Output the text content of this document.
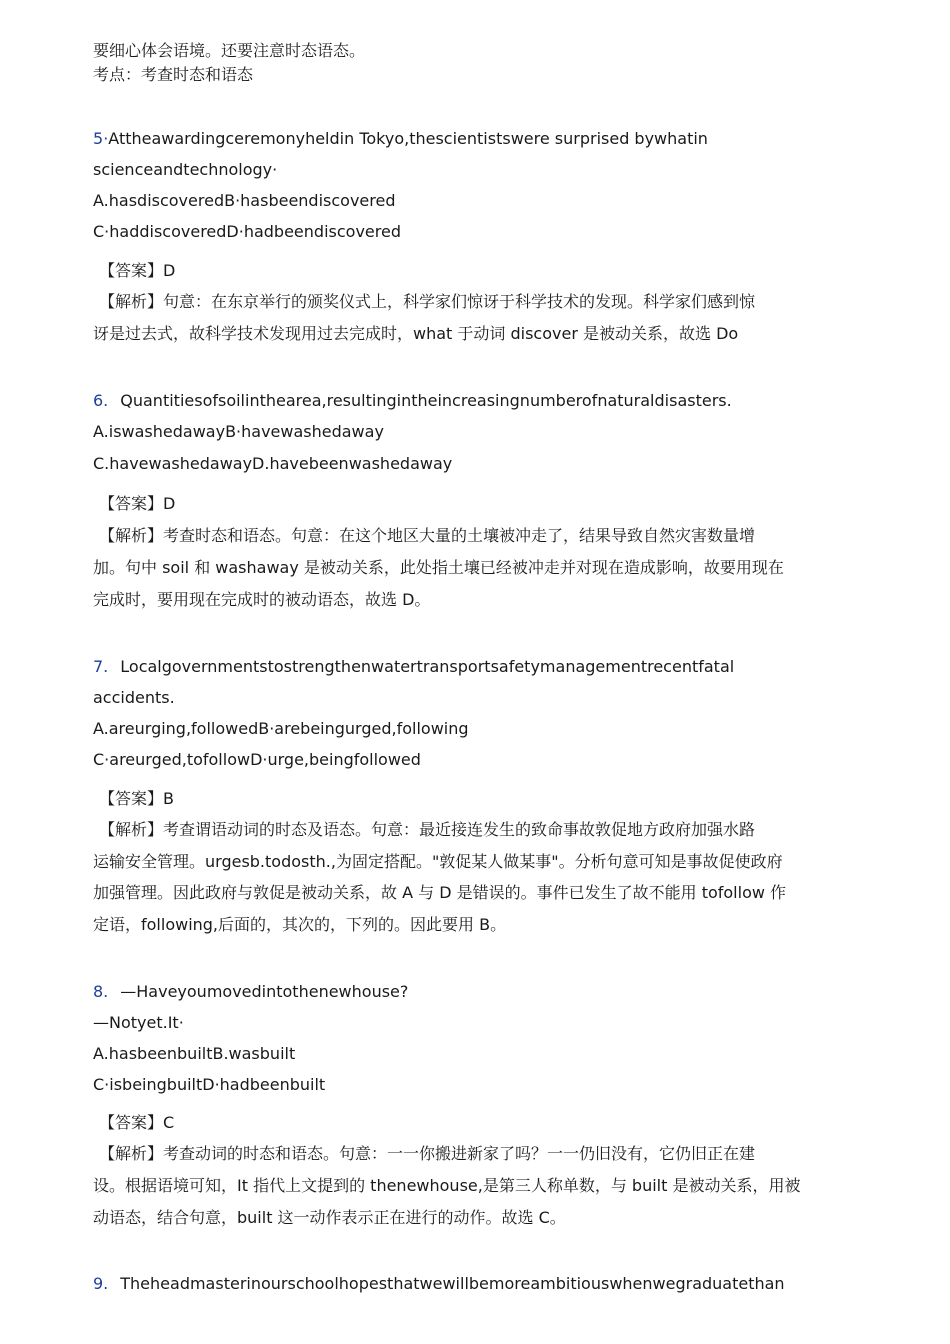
要细心体会语境。还要注意时态语态。
考点：考查时态和语态
5·Attheawardingceremonyheldin Tokyo,thescientistswere surprised bywhatin
scienceandtechnology·
A.hasdiscoveredB·hasbeendiscovered
C·haddiscoveredD·hadbeendiscovered
【答案】D
【解析】句意：在东京举行的颁奖仪式上，科学家们惊讶于科学技术的发现。科学家们感到惊
讶是过去式，故科学技术发现用过去完成时，what 于动词 discover 是被动关系，故选 Do
6. Quantitiesofsoilinthearea,resultingintheincreasingnumberofnaturaldisasters.
A.iswashedawayB·havewashedaway
C.havewashedawayD.havebeenwashedaway
【答案】D
【解析】考查时态和语态。句意：在这个地区大量的土壤被冲走了，结果导致自然灾害数量增
加。句中 soil 和 washaway 是被动关系，此处指土壤已经被冲走并对现在造成影响，故要用现在
完成时，要用现在完成时的被动语态，故选 D。
7. Localgovernmentstostrengthenwatertransportsafetymanagementrecentfatal
accidents.
A.areurging,followedB·arebeingurged,following
C·areurged,tofollowD·urge,beingfollowed
【答案】B
【解析】考查谓语动词的时态及语态。句意：最近接连发生的致命事故敦促地方政府加强水路
运输安全管理。urgesb.todosth.,为固定搭配。"敦促某人做某事"。分析句意可知是事故促使政府
加强管理。因此政府与敦促是被动关系，故 A 与 D 是错误的。事件已发生了故不能用 tofollow 作
定语，following,后面的，其次的，下列的。因此要用 B。
8. —Haveyoumovedintothenewhouse?
—Notyet.It·
A.hasbeenbuiltB.wasbuilt
C·isbeingbuiltD·hadbeenbuilt
【答案】C
【解析】考查动词的时态和语态。句意：一一你搬进新家了吗？一一仍旧没有，它仍旧正在建
设。根据语境可知，It 指代上文提到的 thenewhouse,是第三人称单数，与 built 是被动关系，用被
动语态，结合句意，built 这一动作表示正在进行的动作。故选 C。
9. Theheadmasterinourschoolhopesthatwewillbemoreambitiouswhenwegraduatethan
